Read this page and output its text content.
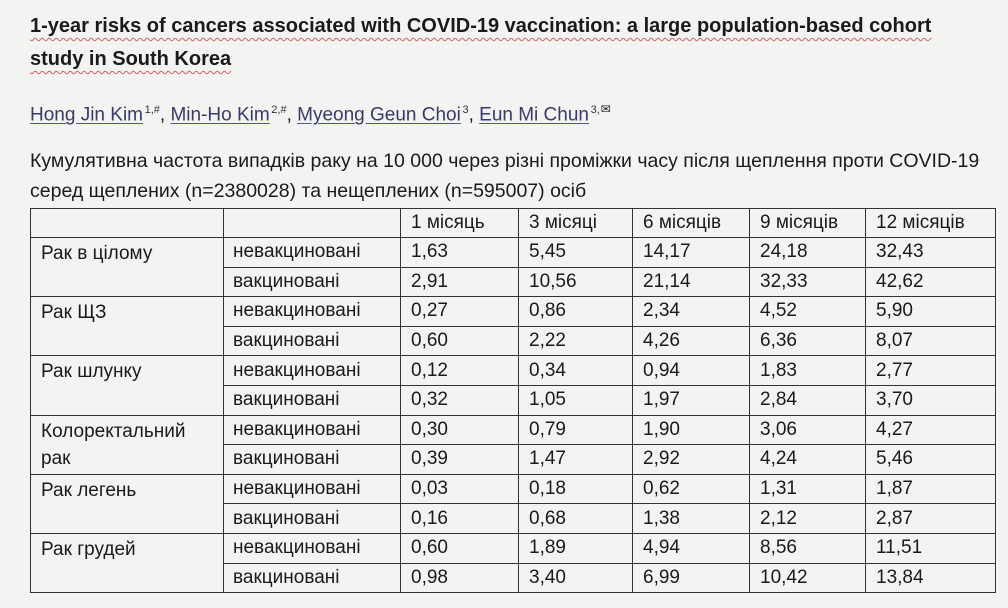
1-year risks of cancers associated with COVID-19 vaccination: a large population-based cohort study in South Korea
Hong Jin Kim  $^{1,\#}$, Min-Ho Kim  $^{2,\#}$, Myeong Geun Choi  $^3$, Eun Mi Chun  $^{3,✉}$
Кумулятивна частота випадків раку на 10 000 через різні проміжки часу після щеплення проти COVID-19 серед щеплених (n=2380028) та нещеплених (n=595007) осіб
		1 місяць	3 місяці	6 місяців	9 місяців	12 місяців
Рак в цілому	невакциновані	1,63	5,45	14,17	24,18	32,43
	вакциновані	2,91	10,56	21,14	32,33	42,62
Рак ЩЗ	невакциновані	0,27	0,86	2,34	4,52	5,90
	вакциновані	0,60	2,22	4,26	6,36	8,07
Рак шлунку	невакциновані	0,12	0,34	0,94	1,83	2,77
	вакциновані	0,32	1,05	1,97	2,84	3,70
Колоректальний рак	невакциновані	0,30	0,79	1,90	3,06	4,27
	вакциновані	0,39	1,47	2,92	4,24	5,46
Рак легень	невакциновані	0,03	0,18	0,62	1,31	1,87
	вакциновані	0,16	0,68	1,38	2,12	2,87
Рак грудей	невакциновані	0,60	1,89	4,94	8,56	11,51
	вакциновані	0,98	3,40	6,99	10,42	13,84
